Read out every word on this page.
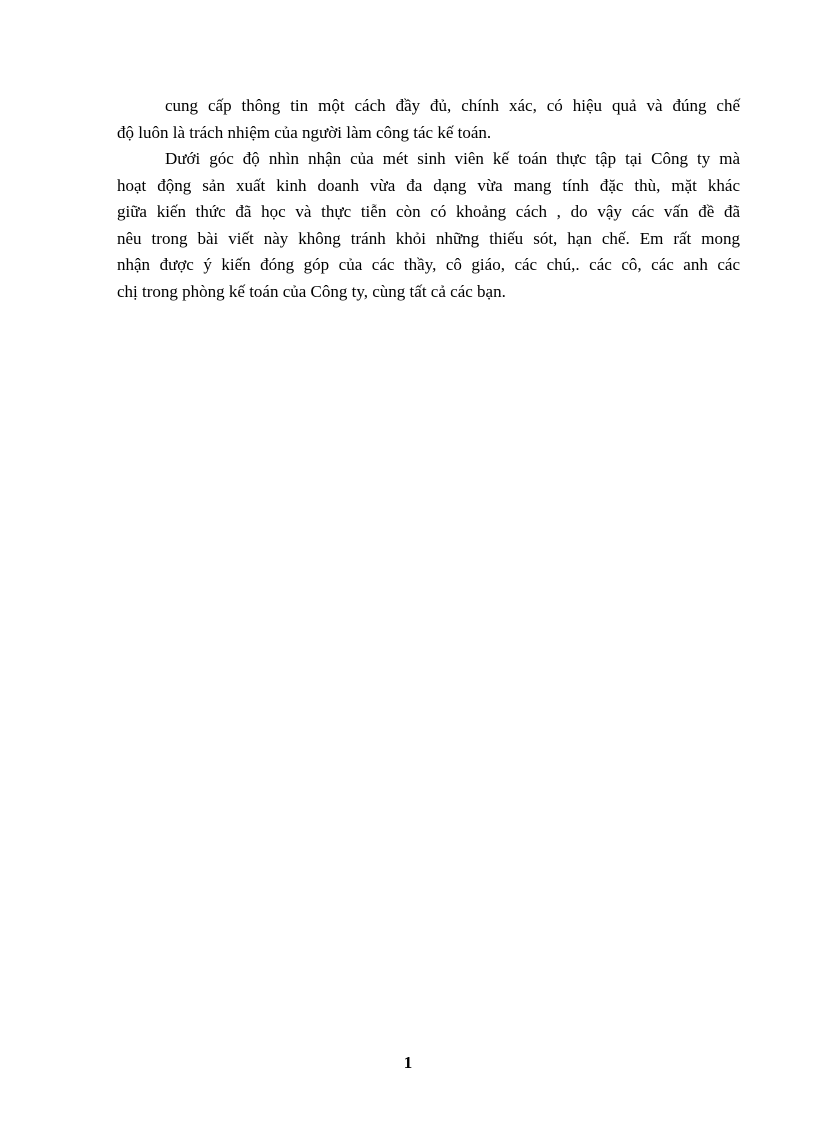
cung cấp thông tin một cách đầy đủ, chính xác, có hiệu quả và đúng chế
độ luôn là trách nhiệm của người làm công tác kế toán.
Dưới góc độ nhìn nhận của mét sinh viên kế toán thực tập tại Công ty mà
hoạt động sản xuất kinh doanh vừa đa dạng vừa mang tính đặc thù, mặt khác
giữa kiến thức đã học và thực tiễn còn có khoảng cách , do vậy các vấn đề đã
nêu trong bài viết này không tránh khỏi những thiếu sót, hạn chế. Em rất mong
nhận được ý kiến đóng góp của các thầy, cô giáo, các chú,. các cô, các anh các
chị trong phòng kế toán của Công ty, cùng tất cả các bạn.
1
